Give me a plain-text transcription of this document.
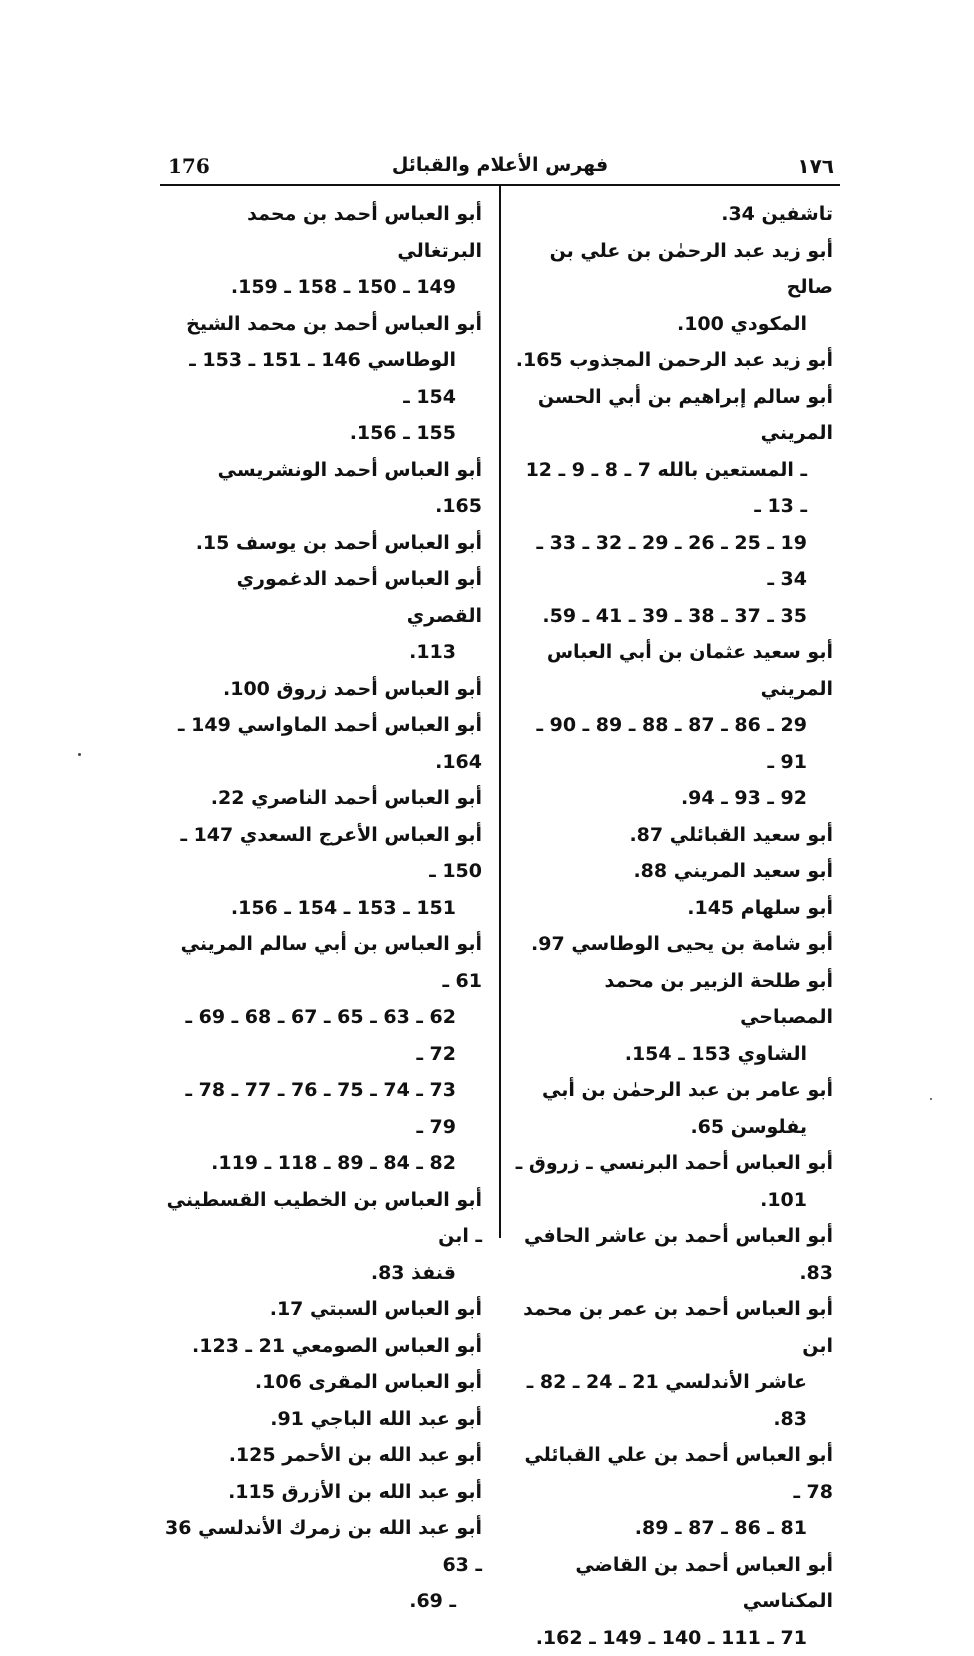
176	فهرس الأعلام والقبائل	١٧٦
تاشفين 34.
أبو زيد عبد الرحمٰن بن علي بن صالح
المكودي 100.
أبو زيد عبد الرحمن المجذوب 165.
أبو سالم إبراهيم بن أبي الحسن المريني
ـ المستعين بالله 7 ـ 8 ـ 9 ـ 12 ـ 13 ـ
19 ـ 25 ـ 26 ـ 29 ـ 32 ـ 33 ـ 34 ـ
35 ـ 37 ـ 38 ـ 39 ـ 41 ـ 59.
أبو سعيد عثمان بن أبي العباس المريني
29 ـ 86 ـ 87 ـ 88 ـ 89 ـ 90 ـ 91 ـ
92 ـ 93 ـ 94.
أبو سعيد القبائلي 87.
أبو سعيد المريني 88.
أبو سلهام 145.
أبو شامة بن يحيى الوطاسي 97.
أبو طلحة الزبير بن محمد المصباحي
الشاوي 153 ـ 154.
أبو عامر بن عبد الرحمٰن بن أبي
يفلوسن 65.
أبو العباس أحمد البرنسي ـ زروق ـ
101.
أبو العباس أحمد بن عاشر الحافي 83.
أبو العباس أحمد بن عمر بن محمد ابن
عاشر الأندلسي 21 ـ 24 ـ 82 ـ 83.
أبو العباس أحمد بن علي القبائلي 78 ـ
81 ـ 86 ـ 87 ـ 89.
أبو العباس أحمد بن القاضي المكناسي
71 ـ 111 ـ 140 ـ 149 ـ 162.
أبو العباس أحمد بن محمد البرتغالي
149 ـ 150 ـ 158 ـ 159.
أبو العباس أحمد بن محمد الشيخ
الوطاسي 146 ـ 151 ـ 153 ـ 154 ـ
155 ـ 156.
أبو العباس أحمد الونشريسي 165.
أبو العباس أحمد بن يوسف 15.
أبو العباس أحمد الدغموري القصري
113.
أبو العباس أحمد زروق 100.
أبو العباس أحمد الماواسي 149 ـ 164.
أبو العباس أحمد الناصري 22.
أبو العباس الأعرج السعدي 147 ـ 150 ـ
151 ـ 153 ـ 154 ـ 156.
أبو العباس بن أبي سالم المريني 61 ـ
62 ـ 63 ـ 65 ـ 67 ـ 68 ـ 69 ـ 72 ـ
73 ـ 74 ـ 75 ـ 76 ـ 77 ـ 78 ـ 79 ـ
82 ـ 84 ـ 89 ـ 118 ـ 119.
أبو العباس بن الخطيب القسطيني ـ ابن
قنفذ 83.
أبو العباس السبتي 17.
أبو العباس الصومعي 21 ـ 123.
أبو العباس المقرى 106.
أبو عبد الله الباجي 91.
أبو عبد الله بن الأحمر 125.
أبو عبد الله بن الأزرق 115.
أبو عبد الله بن زمرك الأندلسي 36 ـ 63
ـ 69.
